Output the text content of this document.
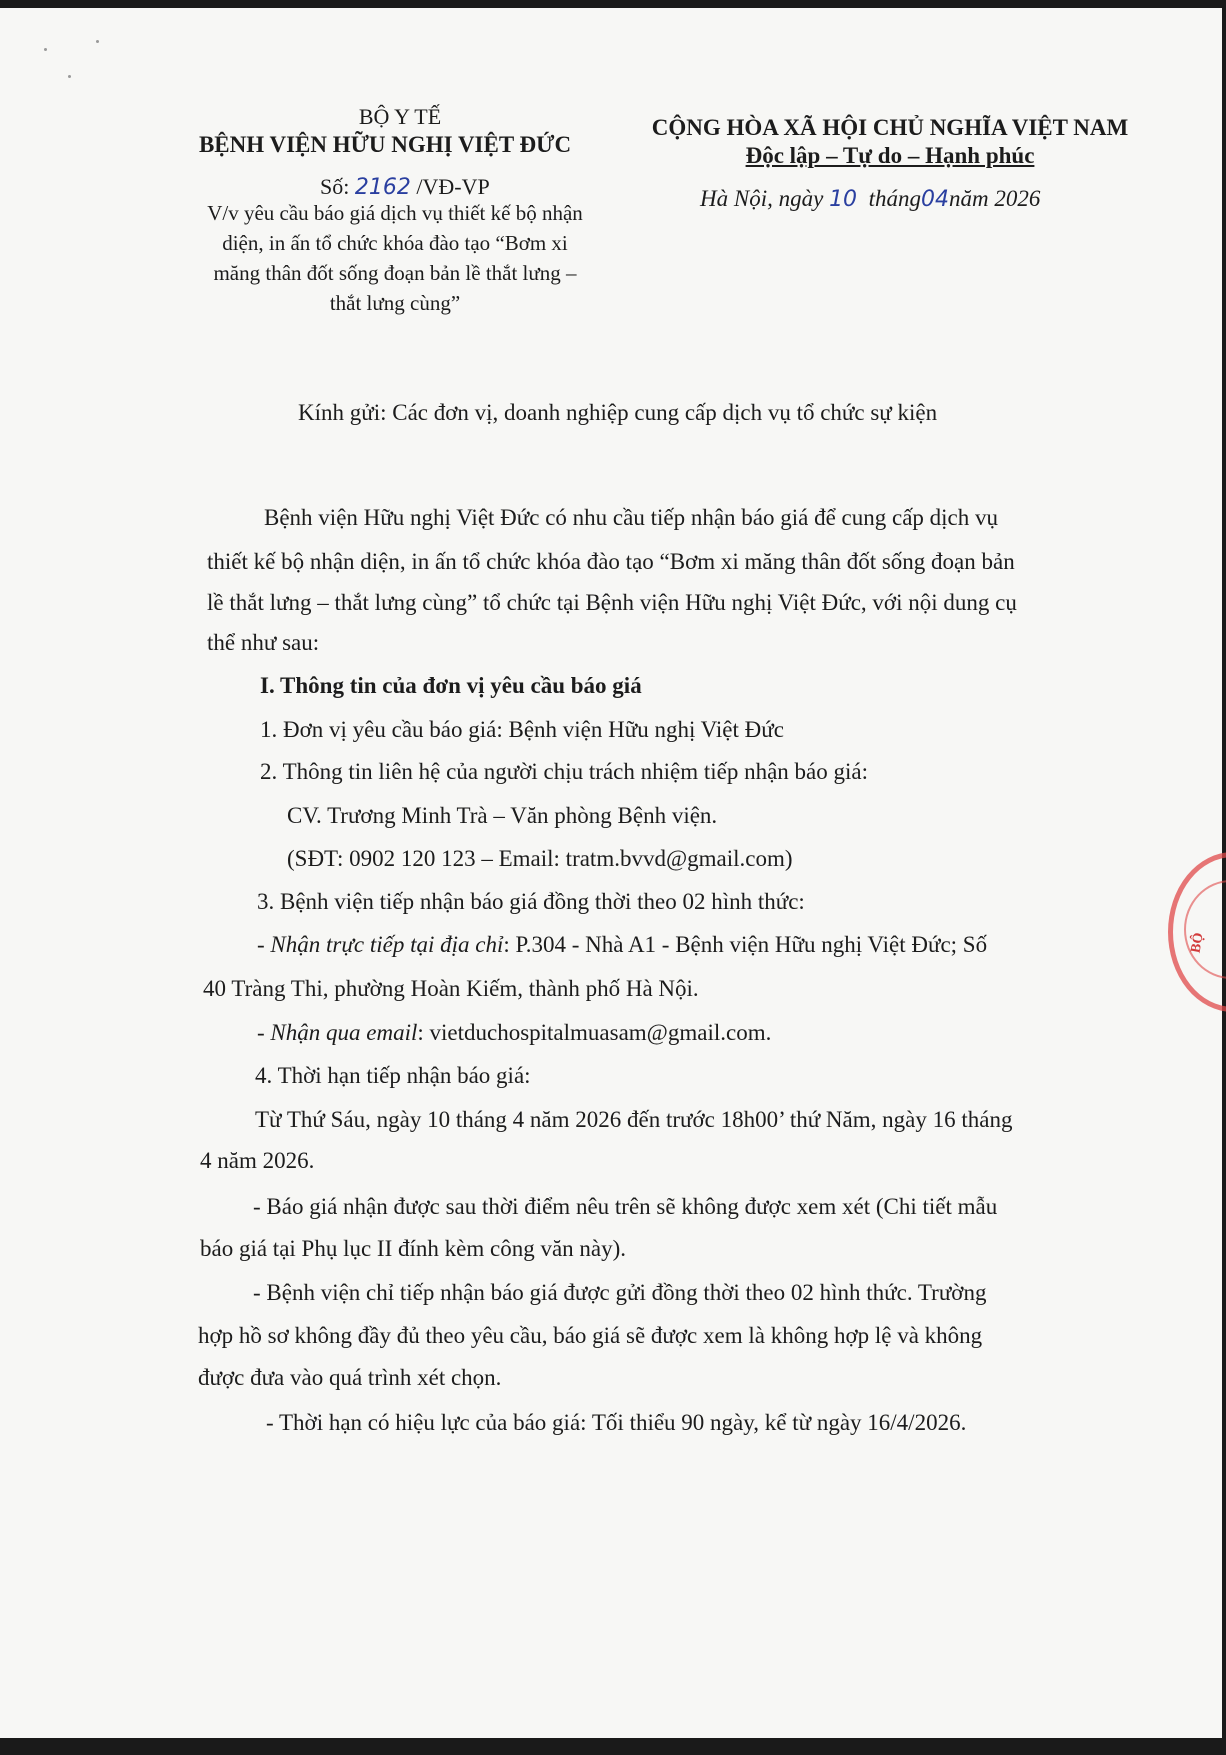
BỘ Y TẾ
BỆNH VIỆN HỮU NGHỊ VIỆT ĐỨC
Số: 2162 /VĐ-VP
V/v yêu cầu báo giá dịch vụ thiết kế bộ nhận
diện, in ấn tổ chức khóa đào tạo “Bơm xi
măng thân đốt sống đoạn bản lề thắt lưng –
thắt lưng cùng”
CỘNG HÒA XÃ HỘI CHỦ NGHĨA VIỆT NAM
Độc lập – Tự do – Hạnh phúc
Hà Nội, ngày 10 tháng04năm 2026
Kính gửi: Các đơn vị, doanh nghiệp cung cấp dịch vụ tổ chức sự kiện
Bệnh viện Hữu nghị Việt Đức có nhu cầu tiếp nhận báo giá để cung cấp dịch vụ
thiết kế bộ nhận diện, in ấn tổ chức khóa đào tạo “Bơm xi măng thân đốt sống đoạn bản
lề thắt lưng – thắt lưng cùng” tổ chức tại Bệnh viện Hữu nghị Việt Đức, với nội dung cụ
thể như sau:
I. Thông tin của đơn vị yêu cầu báo giá
1. Đơn vị yêu cầu báo giá: Bệnh viện Hữu nghị Việt Đức
2. Thông tin liên hệ của người chịu trách nhiệm tiếp nhận báo giá:
CV. Trương Minh Trà – Văn phòng Bệnh viện.
(SĐT: 0902 120 123 – Email: tratm.bvvd@gmail.com)
3. Bệnh viện tiếp nhận báo giá đồng thời theo 02 hình thức:
- Nhận trực tiếp tại địa chỉ: P.304 - Nhà A1 - Bệnh viện Hữu nghị Việt Đức; Số
40 Tràng Thi, phường Hoàn Kiếm, thành phố Hà Nội.
- Nhận qua email: vietduchospitalmuasam@gmail.com.
4. Thời hạn tiếp nhận báo giá:
Từ Thứ Sáu, ngày 10 tháng 4 năm 2026 đến trước 18h00’ thứ Năm, ngày 16 tháng
4 năm 2026.
- Báo giá nhận được sau thời điểm nêu trên sẽ không được xem xét (Chi tiết mẫu
báo giá tại Phụ lục II đính kèm công văn này).
- Bệnh viện chỉ tiếp nhận báo giá được gửi đồng thời theo 02 hình thức. Trường
hợp hồ sơ không đầy đủ theo yêu cầu, báo giá sẽ được xem là không hợp lệ và không
được đưa vào quá trình xét chọn.
- Thời hạn có hiệu lực của báo giá: Tối thiểu 90 ngày, kể từ ngày 16/4/2026.
BỘ
